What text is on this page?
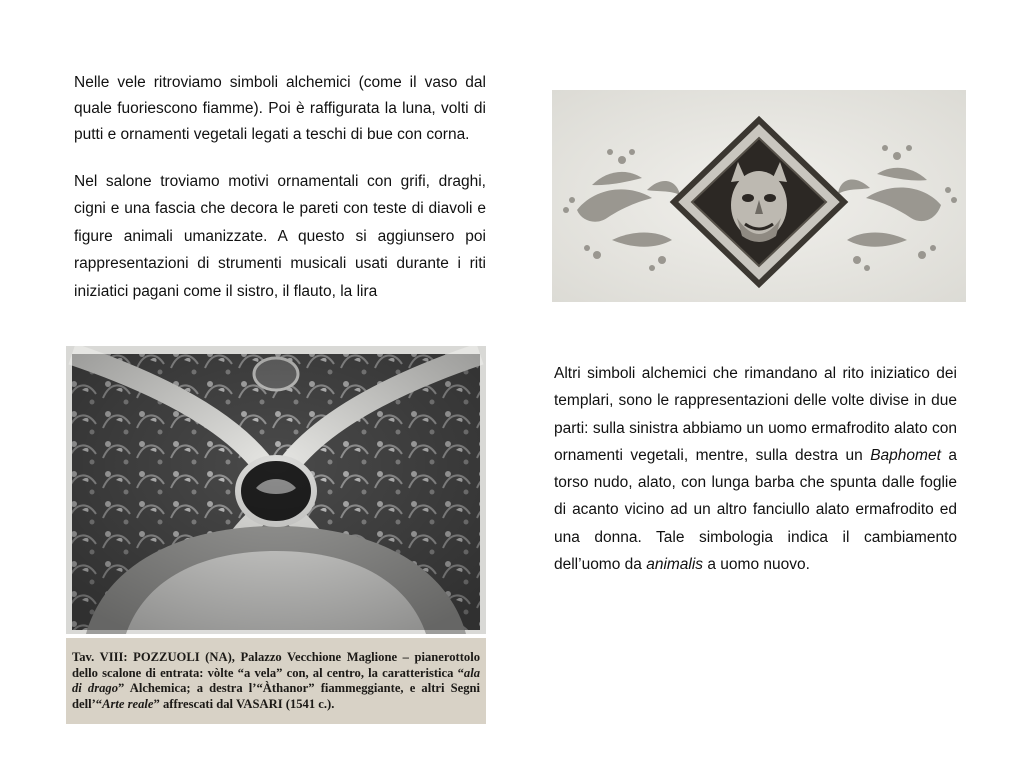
Nelle vele ritroviamo simboli alchemici (come il vaso dal quale fuoriescono fiamme). Poi è raffigurata la luna, volti di putti e ornamenti vegetali legati a teschi di bue con corna.

Nel salone troviamo motivi ornamentali con grifi, draghi, cigni e una fascia che decora le pareti con teste di diavoli e figure animali umanizzate. A questo si aggiunsero poi rappresentazioni di strumenti musicali usati durante i riti iniziatici pagani come il sistro, il flauto, la lira

Altri simboli alchemici che rimandano al rito iniziatico dei templari, sono le rappresentazioni delle volte divise in due parti: sulla sinistra abbiamo un uomo ermafrodito alato con ornamenti vegetali, mentre, sulla destra un Baphomet a torso nudo, alato, con lunga barba che spunta dalle foglie di acanto vicino ad un altro fanciullo alato ermafrodito ed una donna. Tale simbologia indica il cambiamento dell’uomo da animalis a uomo nuovo.

Tav. VIII: POZZUOLI (NA), Palazzo Vecchione Maglione – pianerottolo dello scalone di entrata: vòlte “a vela” con, al centro, la caratteristica “ala di drago” Alchemica; a destra l’“Àthanor” fiammeggiante, e altri Segni dell’“Arte reale” affrescati dal VASARI (1541 c.).
